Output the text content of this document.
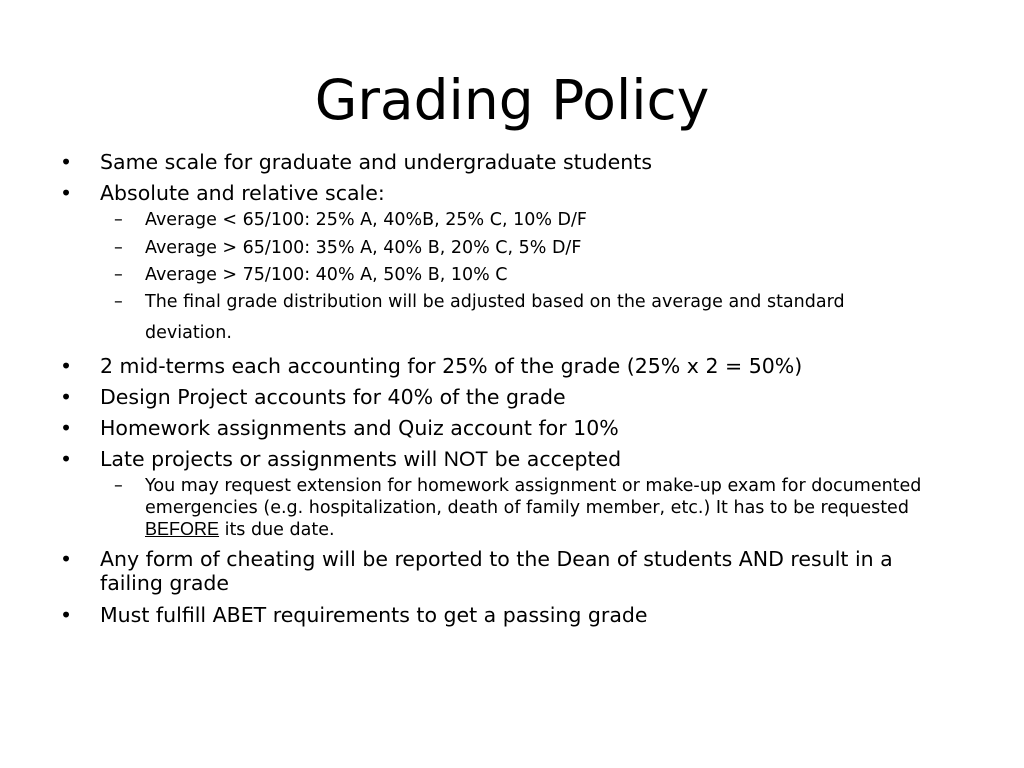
Grading Policy

• Same scale for graduate and undergraduate students

• Absolute and relative scale:

– Average < 65/100: 25% A, 40%B, 25% C, 10% D/F

– Average > 65/100: 35% A, 40% B, 20% C, 5% D/F

– Average > 75/100: 40% A, 50% B, 10% C

– The final grade distribution will be adjusted based on the average and standard deviation.

• 2 mid-terms each accounting for 25% of the grade (25% x 2 = 50%)

• Design Project accounts for 40% of the grade

• Homework assignments and Quiz account for 10%

• Late projects or assignments will NOT be accepted

– You may request extension for homework assignment or make-up exam for documented emergencies (e.g. hospitalization, death of family member, etc.) It has to be requested BEFORE its due date.

• Any form of cheating will be reported to the Dean of students AND result in a failing grade

• Must fulfill ABET requirements to get a passing grade
